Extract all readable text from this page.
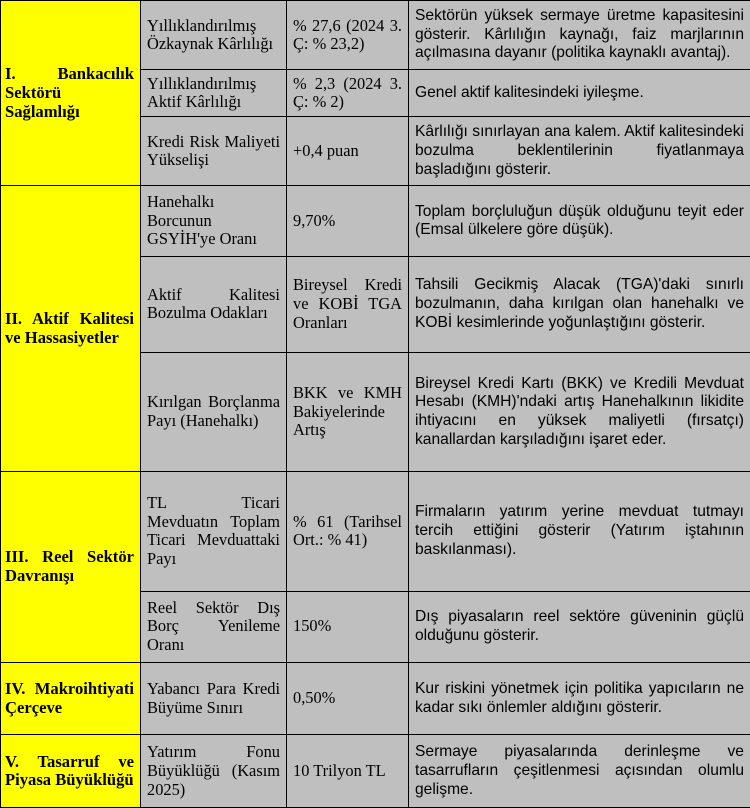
I. Bankacılık Sektörü Sağlamlığı	Yıllıklandırılmış Özkaynak Kârlılığı	% 27,6 (2024 3. Ç: % 23,2)	Sektörün yüksek sermaye üretme kapasitesini gösterir. Kârlılığın kaynağı, faiz marjlarının açılmasına dayanır (politika kaynaklı avantaj).
	Yıllıklandırılmış Aktif Kârlılığı	% 2,3 (2024 3. Ç: % 2)	Genel aktif kalitesindeki iyileşme.
	Kredi Risk Maliyeti Yükselişi	+0,4 puan	Kârlılığı sınırlayan ana kalem. Aktif kalitesindeki bozulma beklentilerinin fiyatlanmaya başladığını gösterir.
II. Aktif Kalitesi ve Hassasiyetler	Hanehalkı Borcunun GSYİH'ye Oranı	9,70%	Toplam borçluluğun düşük olduğunu teyit eder (Emsal ülkelere göre düşük).
	Aktif Kalitesi Bozulma Odakları	Bireysel Kredi ve KOBİ TGA Oranları	Tahsili Gecikmiş Alacak (TGA)'daki sınırlı bozulmanın, daha kırılgan olan hanehalkı ve KOBİ kesimlerinde yoğunlaştığını gösterir.
	Kırılgan Borçlanma Payı (Hanehalkı)	BKK ve KMH Bakiyelerinde Artış	Bireysel Kredi Kartı (BKK) ve Kredili Mevduat Hesabı (KMH)'ndaki artış Hanehalkının likidite ihtiyacını en yüksek maliyetli (fırsatçı) kanallardan karşıladığını işaret eder.
III. Reel Sektör Davranışı	TL Ticari Mevduatın Toplam Ticari Mevduattaki Payı	% 61 (Tarihsel Ort.: % 41)	Firmaların yatırım yerine mevduat tutmayı tercih ettiğini gösterir (Yatırım iştahının baskılanması).
	Reel Sektör Dış Borç Yenileme Oranı	150%	Dış piyasaların reel sektöre güveninin güçlü olduğunu gösterir.
IV. Makroihtiyati Çerçeve	Yabancı Para Kredi Büyüme Sınırı	0,50%	Kur riskini yönetmek için politika yapıcıların ne kadar sıkı önlemler aldığını gösterir.
V. Tasarruf ve Piyasa Büyüklüğü	Yatırım Fonu Büyüklüğü (Kasım 2025)	10 Trilyon TL	Sermaye piyasalarında derinleşme ve tasarrufların çeşitlenmesi açısından olumlu gelişme.
